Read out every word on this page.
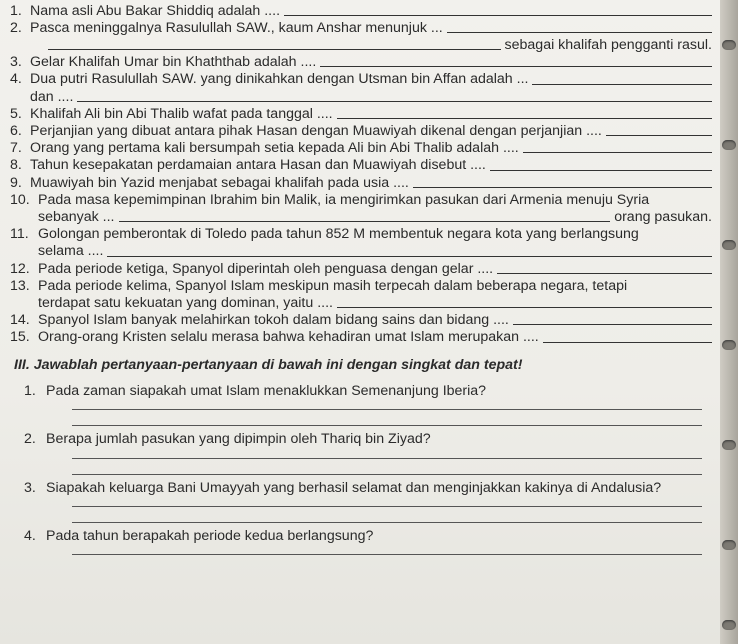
1. Nama asli Abu Bakar Shiddiq adalah ....
2. Pasca meninggalnya Rasulullah SAW., kaum Anshar menunjuk ...
sebagai khalifah pengganti rasul.
3. Gelar Khalifah Umar bin Khaththab adalah ....
4. Dua putri Rasulullah SAW. yang dinikahkan dengan Utsman bin Affan adalah ...
dan ....
5. Khalifah Ali bin Abi Thalib wafat pada tanggal ....
6. Perjanjian yang dibuat antara pihak Hasan dengan Muawiyah dikenal dengan perjanjian ....
7. Orang yang pertama kali bersumpah setia kepada Ali bin Abi Thalib adalah ....
8. Tahun kesepakatan perdamaian antara Hasan dan Muawiyah disebut ....
9. Muawiyah bin Yazid menjabat sebagai khalifah pada usia ....
10. Pada masa kepemimpinan Ibrahim bin Malik, ia mengirimkan pasukan dari Armenia menuju Syria
sebanyak ...	orang pasukan.
11. Golongan pemberontak di Toledo pada tahun 852 M membentuk negara kota yang berlangsung
selama ....
12. Pada periode ketiga, Spanyol diperintah oleh penguasa dengan gelar ....
13. Pada periode kelima, Spanyol Islam meskipun masih terpecah dalam beberapa negara, tetapi
terdapat satu kekuatan yang dominan, yaitu ....
14. Spanyol Islam banyak melahirkan tokoh dalam bidang sains dan bidang ....
15. Orang-orang Kristen selalu merasa bahwa kehadiran umat Islam merupakan ....
III. Jawablah pertanyaan-pertanyaan di bawah ini dengan singkat dan tepat!
1. Pada zaman siapakah umat Islam menaklukkan Semenanjung Iberia?
2. Berapa jumlah pasukan yang dipimpin oleh Thariq bin Ziyad?
3. Siapakah keluarga Bani Umayyah yang berhasil selamat dan menginjakkan kakinya di Andalusia?
4. Pada tahun berapakah periode kedua berlangsung?
